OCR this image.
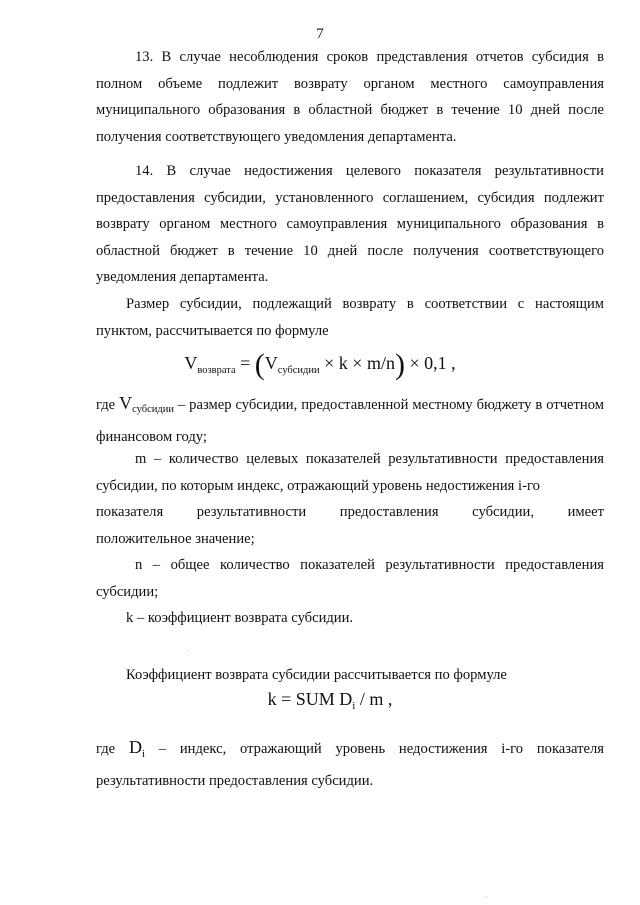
7

13. В случае несоблюдения сроков представления отчетов субсидия в полном объеме подлежит возврату органом местного самоуправления муниципального образования в областной бюджет в течение 10 дней после получения соответствующего уведомления департамента.

14. В случае недостижения целевого показателя результативности предоставления субсидии, установленного соглашением, субсидия подлежит возврату органом местного самоуправления муниципального образования в областной бюджет в течение 10 дней после получения соответствующего уведомления департамента.

Размер субсидии, подлежащий возврату в соответствии с настоящим пунктом, рассчитывается по формуле

$V_{возврата} = (V_{субсидии} \times k \times m/n) \times 0,1$ ,

где $V_{субсидии}$ – размер субсидии, предоставленной местному бюджету в отчетном финансовом году;

m – количество целевых показателей результативности предоставления субсидии, по которым индекс, отражающий уровень недостижения i-го
показателя результативности предоставления субсидии, имеет
положительное значение;

n – общее количество показателей результативности предоставления субсидии;

k – коэффициент возврата субсидии.

Коэффициент возврата субсидии рассчитывается по формуле

k = SUM $D_i$ / m ,

где $D_i$ – индекс, отражающий уровень недостижения i-го показателя результативности предоставления субсидии.
